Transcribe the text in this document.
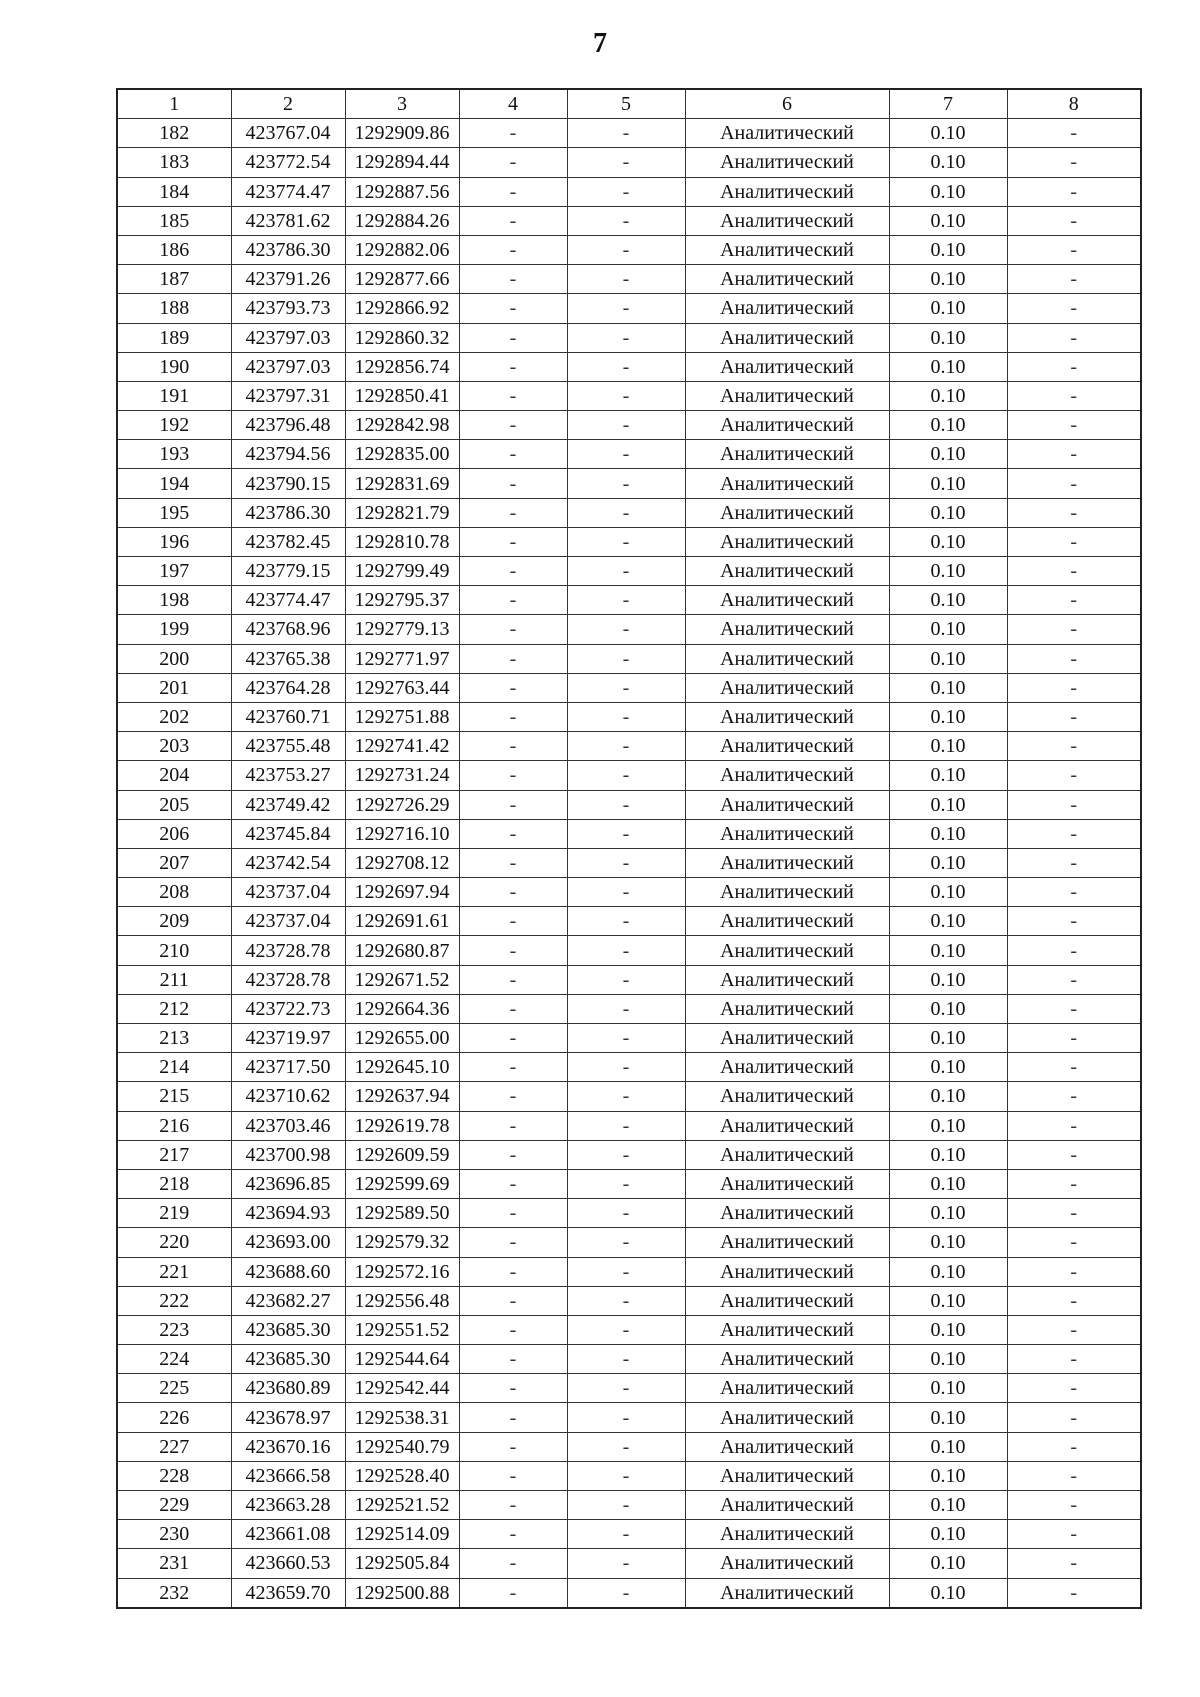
7
1	2	3	4	5	6	7	8
182	423767.04	1292909.86	-	-	Аналитический	0.10	-
183	423772.54	1292894.44	-	-	Аналитический	0.10	-
184	423774.47	1292887.56	-	-	Аналитический	0.10	-
185	423781.62	1292884.26	-	-	Аналитический	0.10	-
186	423786.30	1292882.06	-	-	Аналитический	0.10	-
187	423791.26	1292877.66	-	-	Аналитический	0.10	-
188	423793.73	1292866.92	-	-	Аналитический	0.10	-
189	423797.03	1292860.32	-	-	Аналитический	0.10	-
190	423797.03	1292856.74	-	-	Аналитический	0.10	-
191	423797.31	1292850.41	-	-	Аналитический	0.10	-
192	423796.48	1292842.98	-	-	Аналитический	0.10	-
193	423794.56	1292835.00	-	-	Аналитический	0.10	-
194	423790.15	1292831.69	-	-	Аналитический	0.10	-
195	423786.30	1292821.79	-	-	Аналитический	0.10	-
196	423782.45	1292810.78	-	-	Аналитический	0.10	-
197	423779.15	1292799.49	-	-	Аналитический	0.10	-
198	423774.47	1292795.37	-	-	Аналитический	0.10	-
199	423768.96	1292779.13	-	-	Аналитический	0.10	-
200	423765.38	1292771.97	-	-	Аналитический	0.10	-
201	423764.28	1292763.44	-	-	Аналитический	0.10	-
202	423760.71	1292751.88	-	-	Аналитический	0.10	-
203	423755.48	1292741.42	-	-	Аналитический	0.10	-
204	423753.27	1292731.24	-	-	Аналитический	0.10	-
205	423749.42	1292726.29	-	-	Аналитический	0.10	-
206	423745.84	1292716.10	-	-	Аналитический	0.10	-
207	423742.54	1292708.12	-	-	Аналитический	0.10	-
208	423737.04	1292697.94	-	-	Аналитический	0.10	-
209	423737.04	1292691.61	-	-	Аналитический	0.10	-
210	423728.78	1292680.87	-	-	Аналитический	0.10	-
211	423728.78	1292671.52	-	-	Аналитический	0.10	-
212	423722.73	1292664.36	-	-	Аналитический	0.10	-
213	423719.97	1292655.00	-	-	Аналитический	0.10	-
214	423717.50	1292645.10	-	-	Аналитический	0.10	-
215	423710.62	1292637.94	-	-	Аналитический	0.10	-
216	423703.46	1292619.78	-	-	Аналитический	0.10	-
217	423700.98	1292609.59	-	-	Аналитический	0.10	-
218	423696.85	1292599.69	-	-	Аналитический	0.10	-
219	423694.93	1292589.50	-	-	Аналитический	0.10	-
220	423693.00	1292579.32	-	-	Аналитический	0.10	-
221	423688.60	1292572.16	-	-	Аналитический	0.10	-
222	423682.27	1292556.48	-	-	Аналитический	0.10	-
223	423685.30	1292551.52	-	-	Аналитический	0.10	-
224	423685.30	1292544.64	-	-	Аналитический	0.10	-
225	423680.89	1292542.44	-	-	Аналитический	0.10	-
226	423678.97	1292538.31	-	-	Аналитический	0.10	-
227	423670.16	1292540.79	-	-	Аналитический	0.10	-
228	423666.58	1292528.40	-	-	Аналитический	0.10	-
229	423663.28	1292521.52	-	-	Аналитический	0.10	-
230	423661.08	1292514.09	-	-	Аналитический	0.10	-
231	423660.53	1292505.84	-	-	Аналитический	0.10	-
232	423659.70	1292500.88	-	-	Аналитический	0.10	-
